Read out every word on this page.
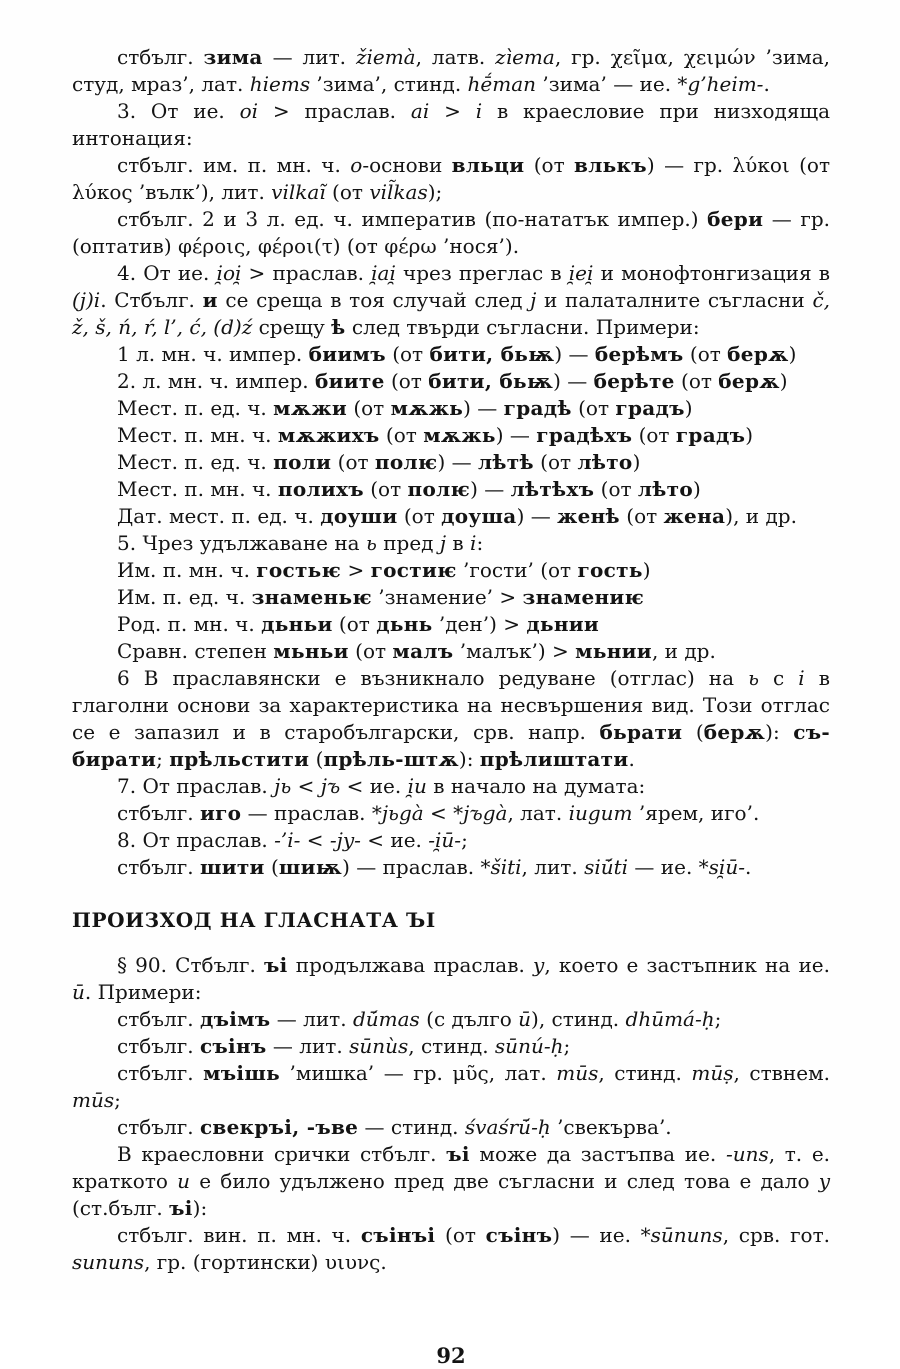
стбълг. зима — лит. žiemà, латв. zìema, гр. χεῖμα, χειμών ’зима, студ, мраз’, лат. hiems ’зима’, стинд. hḗman ’зима’ — ие. *g’heim-.

3. От ие. oi > праслав. ai > i в краесловие при низходяща интонация:

стбълг. им. п. мн. ч. o-основи вльци (от влькъ) — гр. λύκοι (от λύκος ’вълк’), лит. vilkaĩ (от vil̃kas);

стбълг. 2 и 3 л. ед. ч. императив (по-нататък импер.) бери — гр. (оптатив) φέροις, φέροι(τ) (от φέρω ’нося’).

4. От ие. i̯oi̯ > праслав. i̯ai̯ чрез преглас в i̯ei̯ и монофтонгизация в (j)i. Стбълг. и се среща в тоя случай след j и палаталните съгласни č, ž, š, ń, ŕ, l’, ć, (d)ź срещу ѣ след твърди съгласни. Примери:

1 л. мн. ч. импер. биимъ (от бити, бьѭ) — берѣмъ (от берѫ)

2. л. мн. ч. импер. биите (от бити, бьѭ) — берѣте (от берѫ)

Мест. п. ед. ч. мѫжи (от мѫжь) — градѣ (от градъ)

Мест. п. мн. ч. мѫжихъ (от мѫжь) — градѣхъ (от градъ)

Мест. п. ед. ч. поли (от полѥ) — лѣтѣ (от лѣто)

Мест. п. мн. ч. полихъ (от полѥ) — лѣтѣхъ (от лѣто)

Дат. мест. п. ед. ч. доуши (от доуша) — женѣ (от жена), и др.

5. Чрез удължаване на ь пред j в i:

Им. п. мн. ч. гостьѥ > гостиѥ ’гости’ (от гость)

Им. п. ед. ч. знаменьѥ ’знамение’ > знамениѥ

Род. п. мн. ч. дьньи (от дьнь ’ден’) > дьнии

Сравн. степен мьньи (от малъ ’малък’) > мьнии, и др.

6 В праславянски е възникнало редуване (отглас) на ь с i в глаголни основи за характеристика на несвършения вид. Този отглас се е запазил и в старобългарски, срв. напр. бьрати (берѫ): съ-бирати; прѣльстити (прѣль-штѫ): прѣлиштати.

7. От праслав. jь < jъ < ие. i̯u в начало на думата:

стбълг. иго — праслав. *jьgà < *jъgà, лат. iugum ’ярем, иго’.

8. От праслав. -’i- < -jy- < ие. -i̯ū-;

стбълг. шити (шиѭ) — праслав. *šiti, лит. siū́ti — ие. *si̯ū-.

ПРОИЗХОД НА ГЛАСНАТА ЪІ

§ 90. Стбълг. ъі продължава праслав. y, което е застъпник на ие. ū. Примери:

стбълг. дъімъ — лит. dū́mas (с дълго ū), стинд. dhūmá-ḥ;

стбълг. съінъ — лит. sūnùs, стинд. sūnú-ḥ;

стбълг. мъішь ’мишка’ — гр. μῦς, лат. mūs, стинд. mūṣ, ствнем. mūs;

стбълг. свекръі, -ъве — стинд. śvaśrū́-ḥ ’свекърва’.

В краесловни срички стбълг. ъі може да застъпва ие. -uns, т. е. краткото u е било удължено пред две съгласни и след това е дало y (ст.бълг. ъі):

стбълг. вин. п. мн. ч. съінъі (от съінъ) — ие. *sūnuns, срв. гот. sununs, гр. (гортински) υιυνς.

92
